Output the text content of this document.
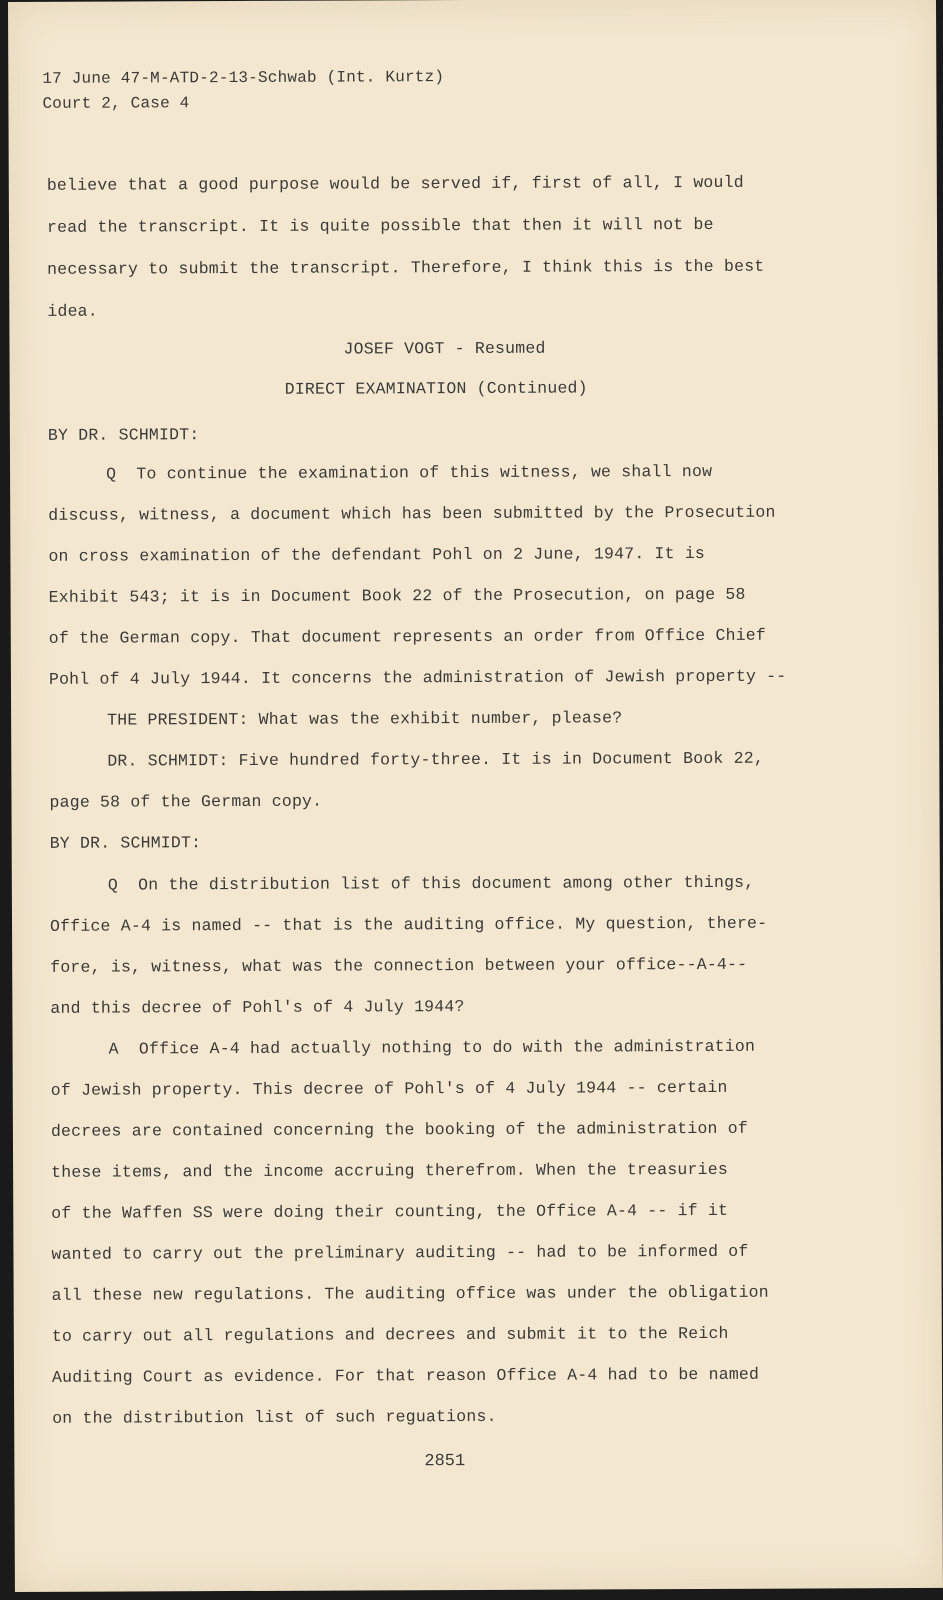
17 June 47-M-ATD-2-13-Schwab (Int. Kurtz)
Court 2, Case 4
believe that a good purpose would be served if, first of all, I would
read the transcript. It is quite possible that then it will not be
necessary to submit the transcript. Therefore, I think this is the best
idea.
JOSEF VOGT - Resumed
DIRECT EXAMINATION (Continued)
BY DR. SCHMIDT:
Q  To continue the examination of this witness, we shall now
discuss, witness, a document which has been submitted by the Prosecution
on cross examination of the defendant Pohl on 2 June, 1947. It is
Exhibit 543; it is in Document Book 22 of the Prosecution, on page 58
of the German copy. That document represents an order from Office Chief
Pohl of 4 July 1944. It concerns the administration of Jewish property --
THE PRESIDENT: What was the exhibit number, please?
DR. SCHMIDT: Five hundred forty-three. It is in Document Book 22,
page 58 of the German copy.
BY DR. SCHMIDT:
Q  On the distribution list of this document among other things,
Office A-4 is named -- that is the auditing office. My question, there-
fore, is, witness, what was the connection between your office--A-4--
and this decree of Pohl's of 4 July 1944?
A  Office A-4 had actually nothing to do with the administration
of Jewish property. This decree of Pohl's of 4 July 1944 -- certain
decrees are contained concerning the booking of the administration of
these items, and the income accruing therefrom. When the treasuries
of the Waffen SS were doing their counting, the Office A-4 -- if it
wanted to carry out the preliminary auditing -- had to be informed of
all these new regulations. The auditing office was under the obligation
to carry out all regulations and decrees and submit it to the Reich
Auditing Court as evidence. For that reason Office A-4 had to be named
on the distribution list of such reguations.
2851
